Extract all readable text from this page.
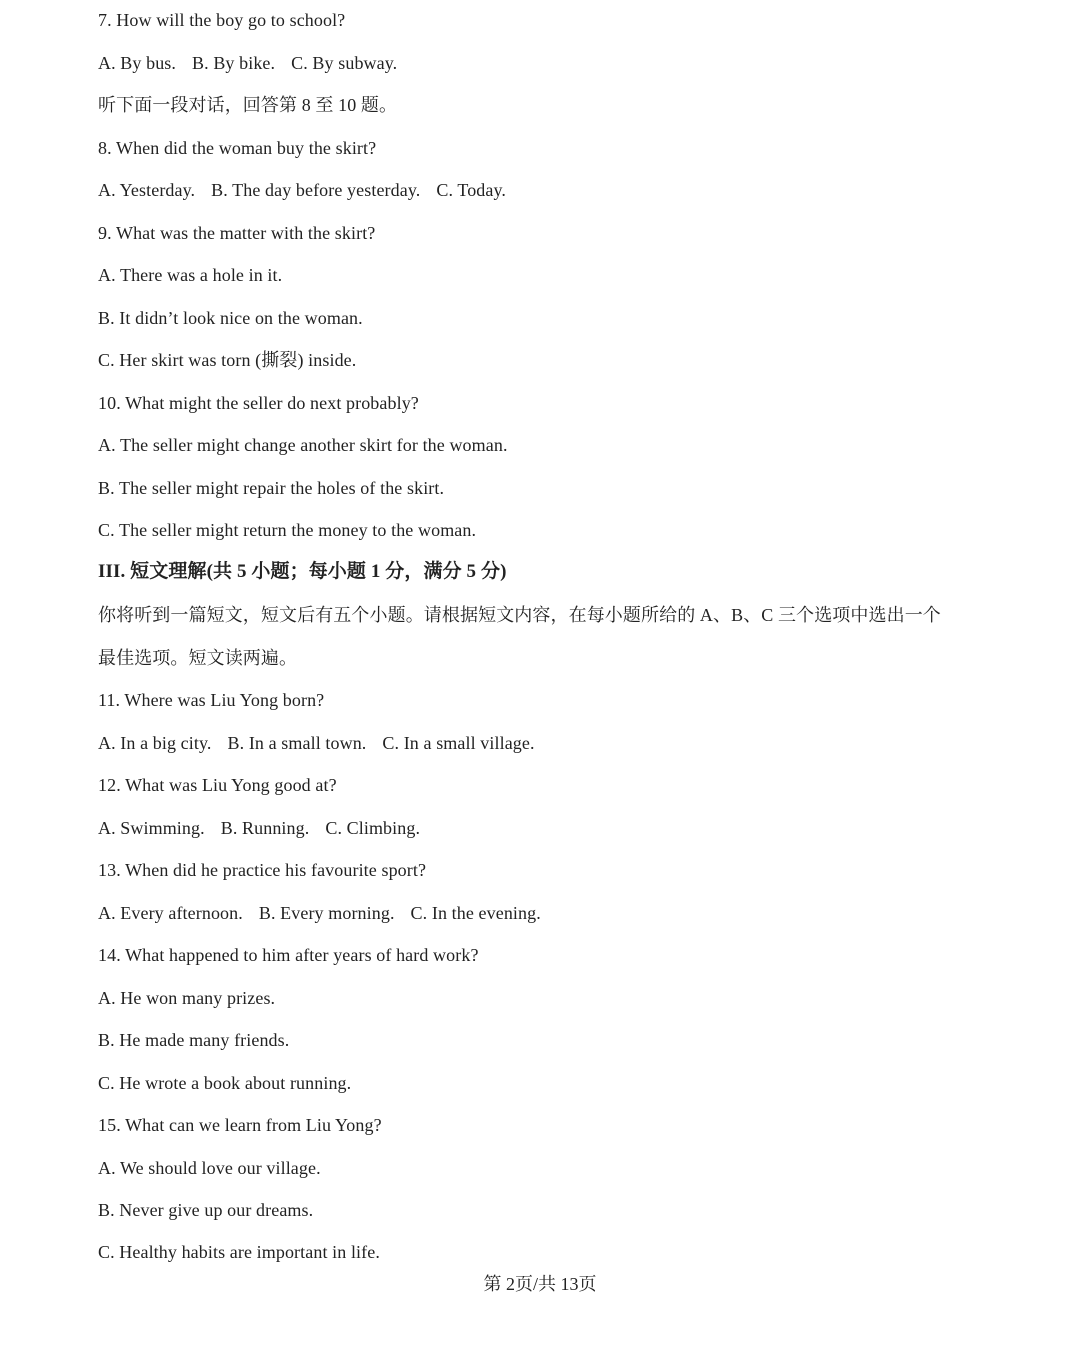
7. How will the boy go to school?
A. By bus. B. By bike. C. By subway.
听下面一段对话，回答第 8 至 10 题。
8. When did the woman buy the skirt?
A. Yesterday. B. The day before yesterday. C. Today.
9. What was the matter with the skirt?
A. There was a hole in it.
B. It didn’t look nice on the woman.
C. Her skirt was torn (撕裂) inside.
10. What might the seller do next probably?
A. The seller might change another skirt for the woman.
B. The seller might repair the holes of the skirt.
C. The seller might return the money to the woman.
III. 短文理解(共 5 小题；每小题 1 分，满分 5 分)
你将听到一篇短文，短文后有五个小题。请根据短文内容，在每小题所给的 A、B、C 三个选项中选出一个
最佳选项。短文读两遍。
11. Where was Liu Yong born?
A. In a big city. B. In a small town. C. In a small village.
12. What was Liu Yong good at?
A. Swimming. B. Running. C. Climbing.
13. When did he practice his favourite sport?
A. Every afternoon. B. Every morning. C. In the evening.
14. What happened to him after years of hard work?
A. He won many prizes.
B. He made many friends.
C. He wrote a book about running.
15. What can we learn from Liu Yong?
A. We should love our village.
B. Never give up our dreams.
C. Healthy habits are important in life.
第 2页/共 13页
